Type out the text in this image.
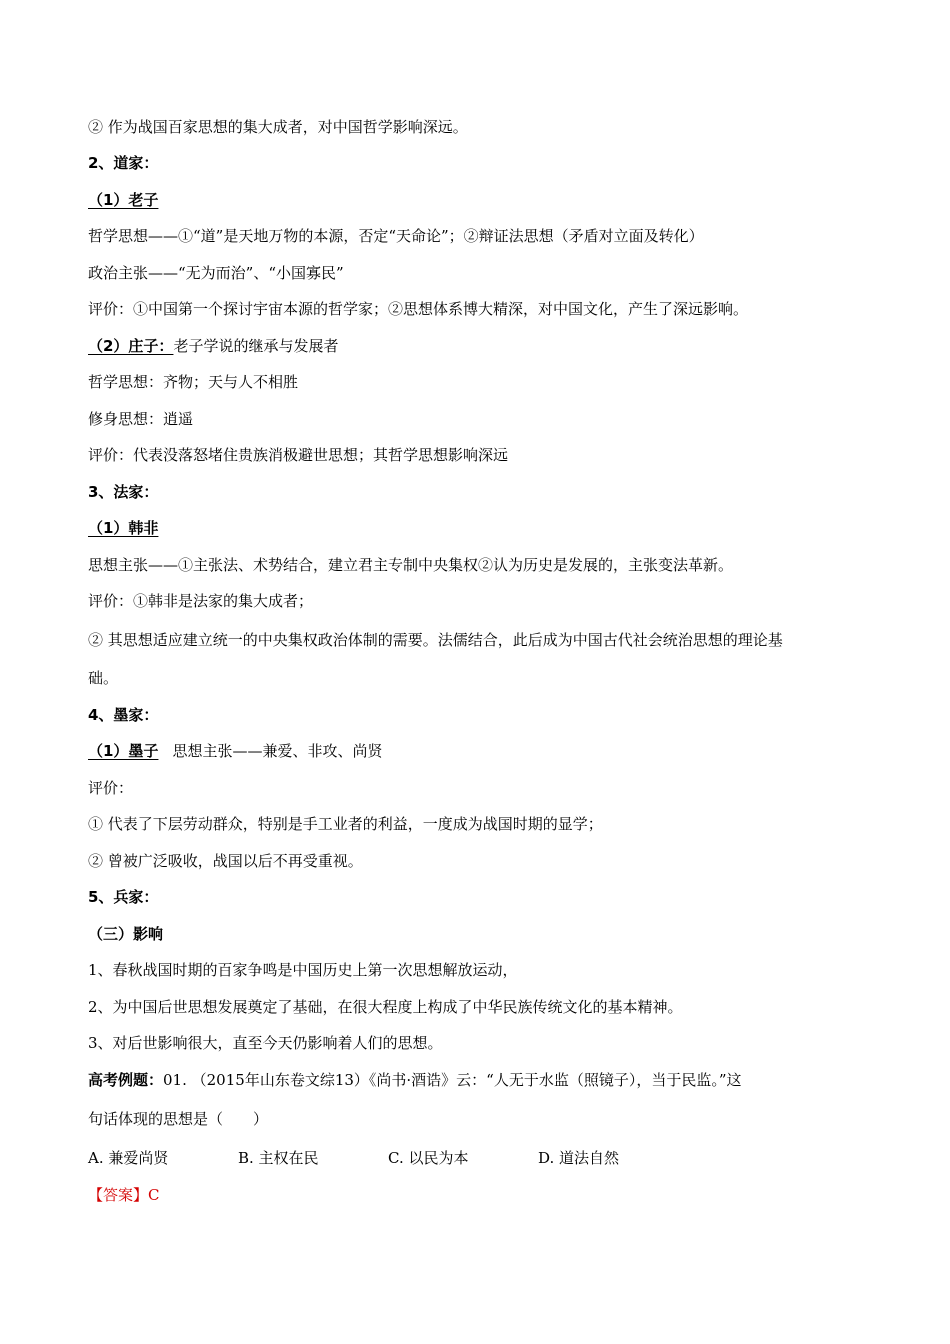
② 作为战国百家思想的集大成者，对中国哲学影响深远。
2、道家：
（1）老子
哲学思想——①“道”是天地万物的本源，否定“天命论”；②辩证法思想（矛盾对立面及转化）
政治主张——“无为而治”、“小国寡民”
评价：①中国第一个探讨宇宙本源的哲学家；②思想体系博大精深，对中国文化，产生了深远影响。
（2）庄子：老子学说的继承与发展者
哲学思想：齐物；天与人不相胜
修身思想：逍遥
评价：代表没落怒堵住贵族消极避世思想；其哲学思想影响深远
3、法家：
（1）韩非
思想主张——①主张法、术势结合，建立君主专制中央集权②认为历史是发展的，主张变法革新。
评价：①韩非是法家的集大成者；
② 其思想适应建立统一的中央集权政治体制的需要。法儒结合，此后成为中国古代社会统治思想的理论基
础。
4、墨家：
（1）墨子 思想主张——兼爱、非攻、尚贤
评价：
① 代表了下层劳动群众，特别是手工业者的利益，一度成为战国时期的显学；
② 曾被广泛吸收，战国以后不再受重视。
5、兵家：
（三）影响
1、春秋战国时期的百家争鸣是中国历史上第一次思想解放运动，
2、为中国后世思想发展奠定了基础，在很大程度上构成了中华民族传统文化的基本精神。
3、对后世影响很大，直至今天仍影响着人们的思想。
高考例题：01. （2015年山东卷文综13）《尚书·酒诰》云：“人无于水监（照镜子），当于民监。”这
句话体现的思想是（　　）
A. 兼爱尚贤	B. 主权在民	C. 以民为本	D. 道法自然
【答案】C
